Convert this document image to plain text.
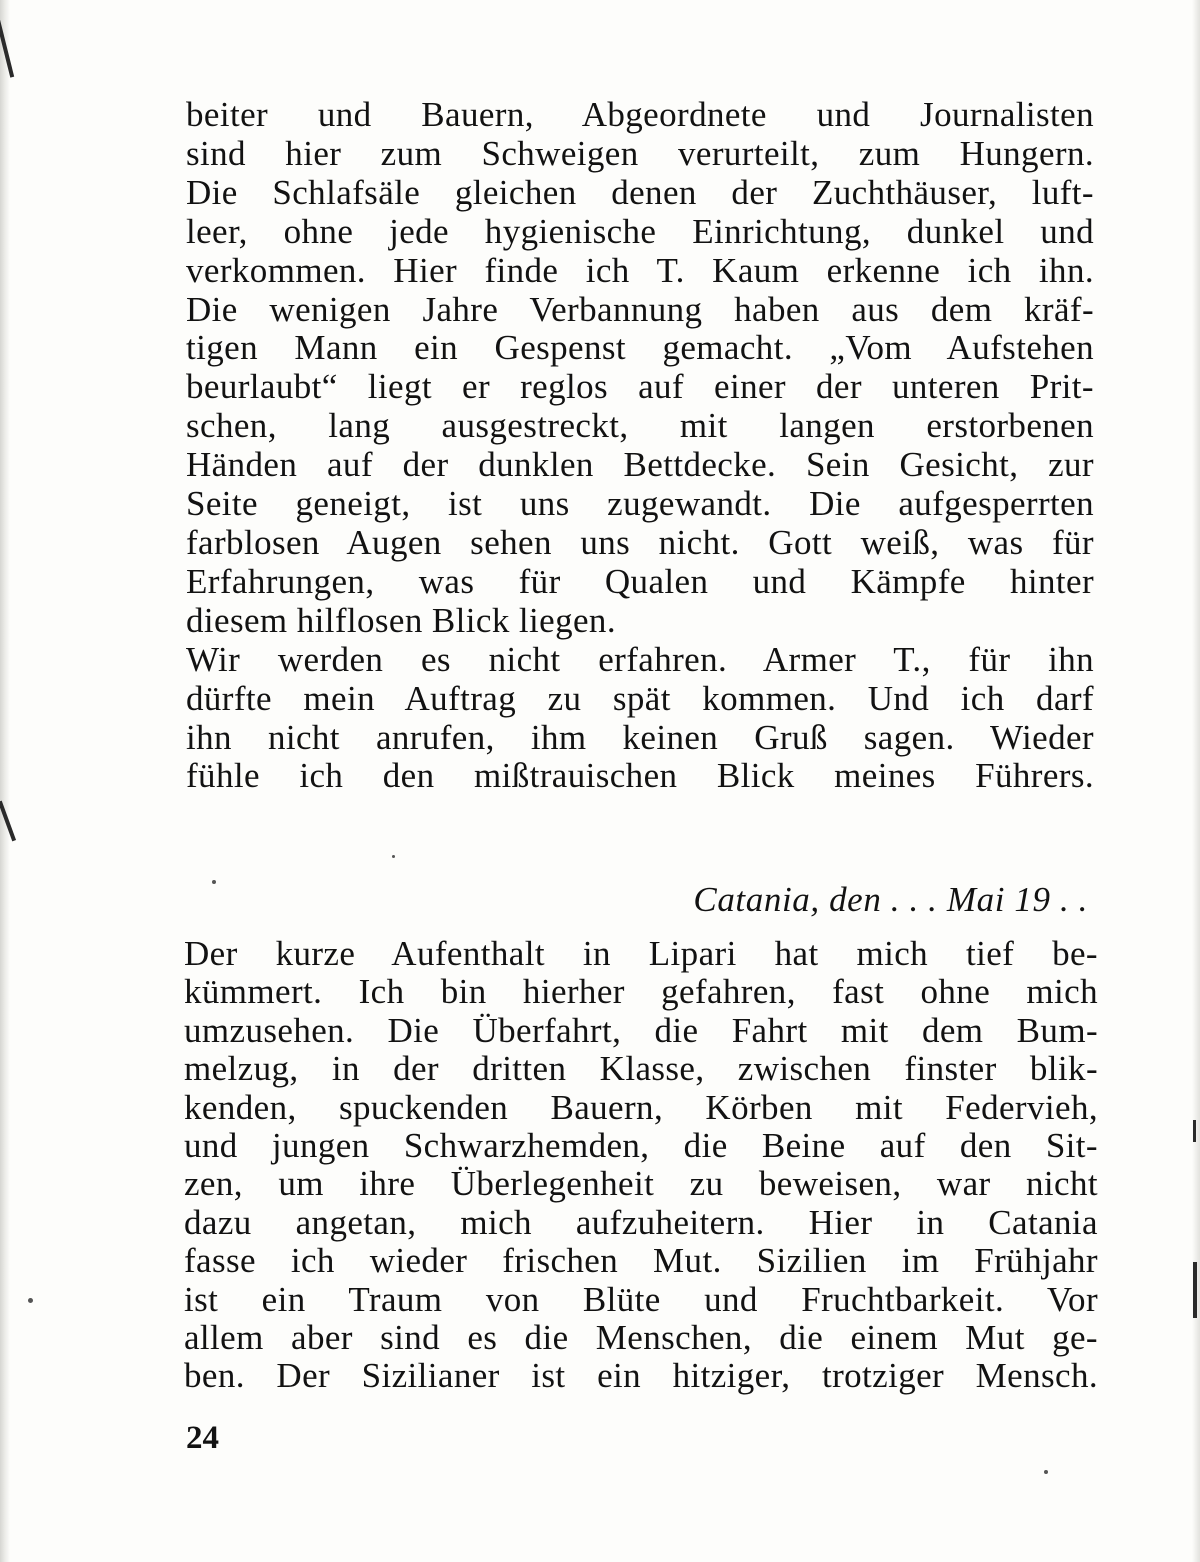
beiter und Bauern, Abgeordnete und Journalisten
sind hier zum Schweigen verurteilt, zum Hungern.
Die Schlafsäle gleichen denen der Zuchthäuser, luft-
leer, ohne jede hygienische Einrichtung, dunkel und
verkommen. Hier finde ich T. Kaum erkenne ich ihn.
Die wenigen Jahre Verbannung haben aus dem kräf-
tigen Mann ein Gespenst gemacht. „Vom Aufstehen
beurlaubt“ liegt er reglos auf einer der unteren Prit-
schen, lang ausgestreckt, mit langen erstorbenen
Händen auf der dunklen Bettdecke. Sein Gesicht, zur
Seite geneigt, ist uns zugewandt. Die aufgesperrten
farblosen Augen sehen uns nicht. Gott weiß, was für
Erfahrungen, was für Qualen und Kämpfe hinter
diesem hilflosen Blick liegen.
Wir werden es nicht erfahren. Armer T., für ihn
dürfte mein Auftrag zu spät kommen. Und ich darf
ihn nicht anrufen, ihm keinen Gruß sagen. Wieder
fühle ich den mißtrauischen Blick meines Führers.
Catania, den . . . Mai 19 . .
Der kurze Aufenthalt in Lipari hat mich tief be-
kümmert. Ich bin hierher gefahren, fast ohne mich
umzusehen. Die Überfahrt, die Fahrt mit dem Bum-
melzug, in der dritten Klasse, zwischen finster blik-
kenden, spuckenden Bauern, Körben mit Federvieh,
und jungen Schwarzhemden, die Beine auf den Sit-
zen, um ihre Überlegenheit zu beweisen, war nicht
dazu angetan, mich aufzuheitern. Hier in Catania
fasse ich wieder frischen Mut. Sizilien im Frühjahr
ist ein Traum von Blüte und Fruchtbarkeit. Vor
allem aber sind es die Menschen, die einem Mut ge-
ben. Der Sizilianer ist ein hitziger, trotziger Mensch.
24
